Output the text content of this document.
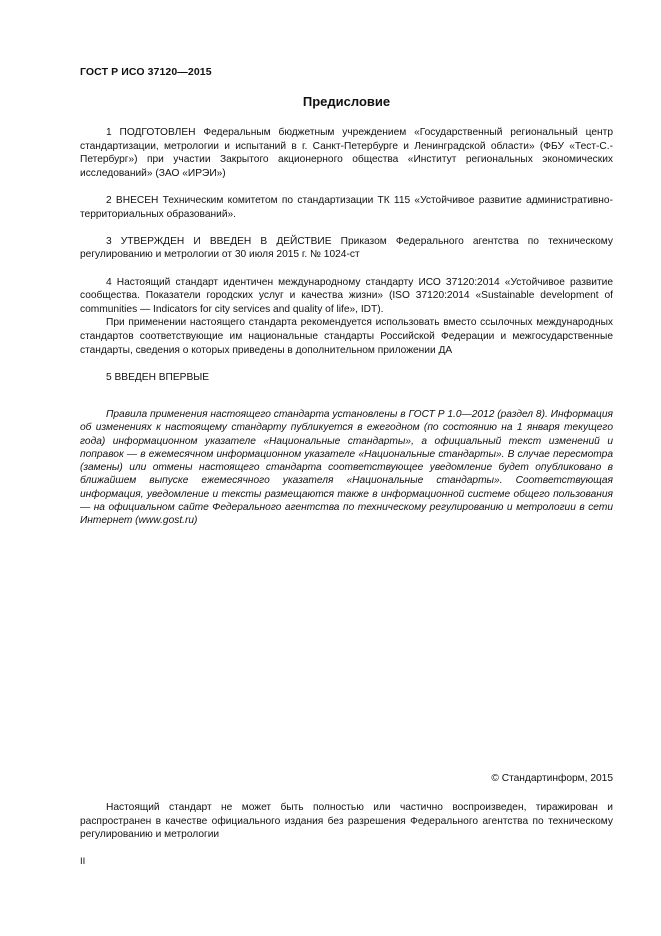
ГОСТ Р ИСО 37120—2015
Предисловие

1 ПОДГОТОВЛЕН Федеральным бюджетным учреждением «Государственный региональный центр стандартизации, метрологии и испытаний в г. Санкт-Петербурге и Ленинградской области» (ФБУ «Тест-С.-Петербург») при участии Закрытого акционерного общества «Институт региональных экономических исследований» (ЗАО «ИРЭИ»)

2 ВНЕСЕН Техническим комитетом по стандартизации ТК 115 «Устойчивое развитие административно-территориальных образований».

3 УТВЕРЖДЕН И ВВЕДЕН В ДЕЙСТВИЕ Приказом Федерального агентства по техническому регулированию и метрологии от 30 июля 2015 г. № 1024-ст

4 Настоящий стандарт идентичен международному стандарту ИСО 37120:2014 «Устойчивое развитие сообщества. Показатели городских услуг и качества жизни» (ISO 37120:2014 «Sustainable development of communities — Indicators for city services and quality of life», IDT).

При применении настоящего стандарта рекомендуется использовать вместо ссылочных международных стандартов соответствующие им национальные стандарты Российской Федерации и межгосударственные стандарты, сведения о которых приведены в дополнительном приложении ДА

5 ВВЕДЕН ВПЕРВЫЕ

Правила применения настоящего стандарта установлены в ГОСТ Р 1.0—2012 (раздел 8). Информация об изменениях к настоящему стандарту публикуется в ежегодном (по состоянию на 1 января текущего года) информационном указателе «Национальные стандарты», а официальный текст изменений и поправок — в ежемесячном информационном указателе «Национальные стандарты». В случае пересмотра (замены) или отмены настоящего стандарта соответствующее уведомление будет опубликовано в ближайшем выпуске ежемесячного указателя «Национальные стандарты». Соответствующая информация, уведомление и тексты размещаются также в информационной системе общего пользования — на официальном сайте Федерального агентства по техническому регулированию и метрологии в сети Интернет (www.gost.ru)

© Стандартинформ, 2015

Настоящий стандарт не может быть полностью или частично воспроизведен, тиражирован и распространен в качестве официального издания без разрешения Федерального агентства по техническому регулированию и метрологии

II
